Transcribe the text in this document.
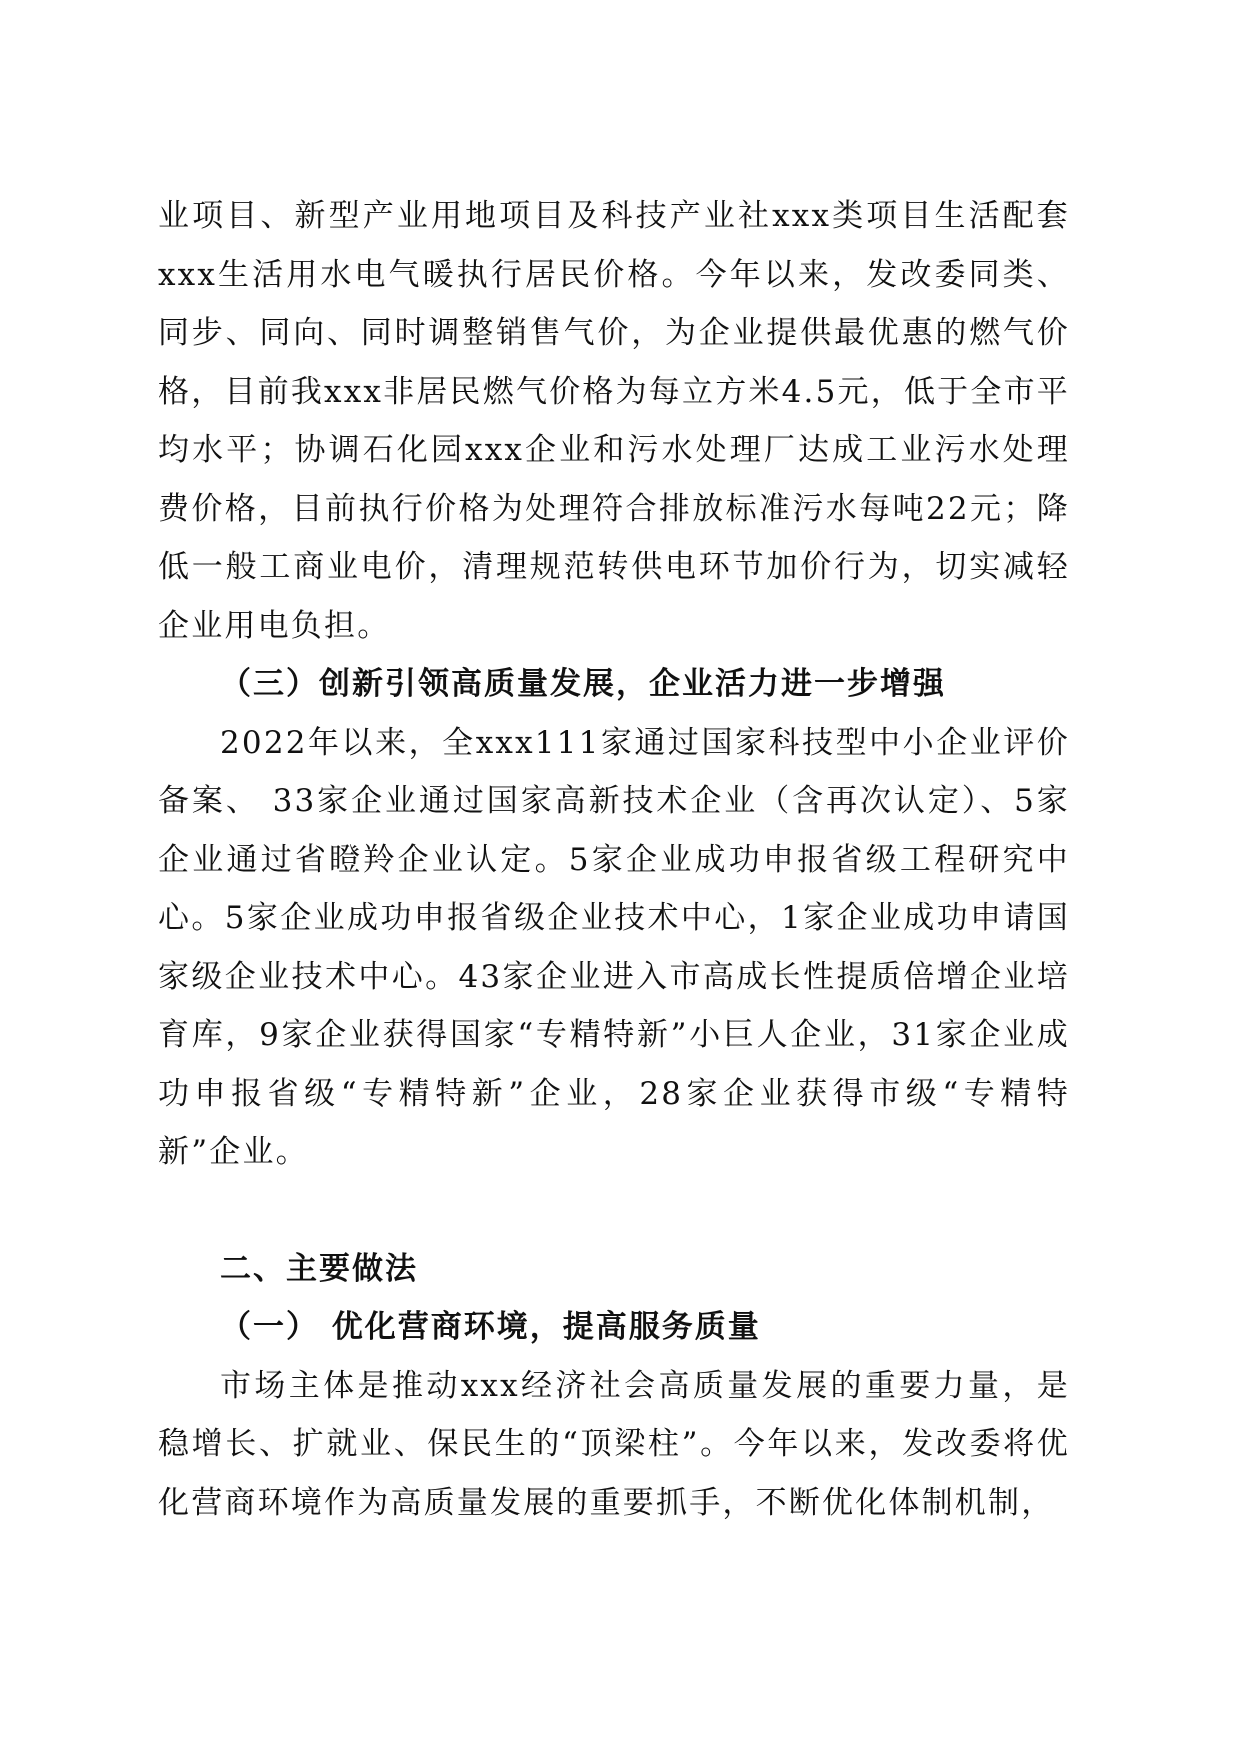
业项目、新型产业用地项目及科技产业社xxx类项目生活配套xxx生活用水电气暖执行居民价格。今年以来，发改委同类、同步、同向、同时调整销售气价，为企业提供最优惠的燃气价格，目前我xxx非居民燃气价格为每立方米4.5元，低于全市平均水平；协调石化园xxx企业和污水处理厂达成工业污水处理费价格，目前执行价格为处理符合排放标准污水每吨22元；降低一般工商业电价，清理规范转供电环节加价行为，切实减轻企业用电负担。

（三）创新引领高质量发展，企业活力进一步增强

2022年以来，全xxx111家通过国家科技型中小企业评价备案、 33家企业通过国家高新技术企业（含再次认定）、5家企业通过省瞪羚企业认定。5家企业成功申报省级工程研究中心。5家企业成功申报省级企业技术中心，1家企业成功申请国家级企业技术中心。43家企业进入市高成长性提质倍增企业培育库，9家企业获得国家“专精特新”小巨人企业，31家企业成功申报省级“专精特新”企业，28家企业获得市级“专精特新”企业。

二、主要做法

（一） 优化营商环境，提高服务质量

市场主体是推动xxx经济社会高质量发展的重要力量，是稳增长、扩就业、保民生的“顶梁柱”。今年以来，发改委将优化营商环境作为高质量发展的重要抓手，不断优化体制机制，
